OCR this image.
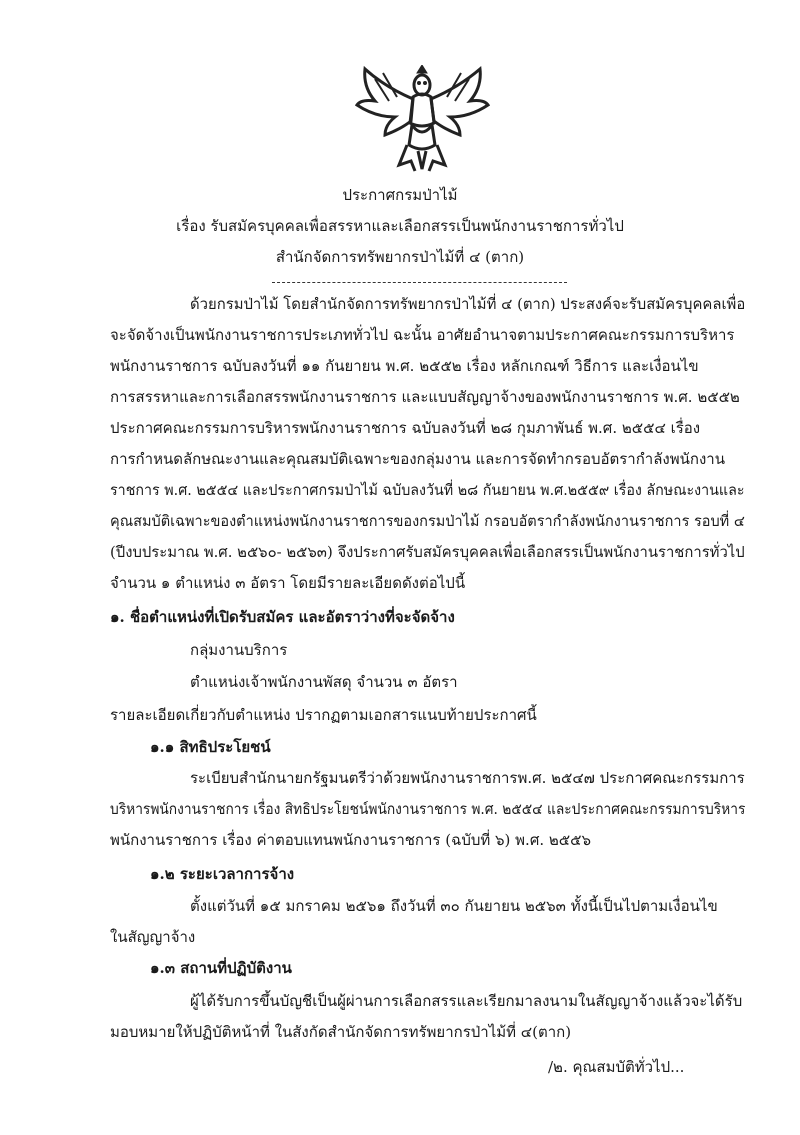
ประกาศกรมป่าไม้
เรื่อง รับสมัครบุคคลเพื่อสรรหาและเลือกสรรเป็นพนักงานราชการทั่วไป
สำนักจัดการทรัพยากรป่าไม้ที่ ๔ (ตาก)
ด้วยกรมป่าไม้ โดยสำนักจัดการทรัพยากรป่าไม้ที่ ๔ (ตาก) ประสงค์จะรับสมัครบุคคลเพื่อ
จะจัดจ้างเป็นพนักงานราชการประเภททั่วไป ฉะนั้น อาศัยอำนาจตามประกาศคณะกรรมการบริหาร
พนักงานราชการ ฉบับลงวันที่ ๑๑ กันยายน พ.ศ. ๒๕๕๒ เรื่อง หลักเกณฑ์ วิธีการ และเงื่อนไข
การสรรหาและการเลือกสรรพนักงานราชการ และแบบสัญญาจ้างของพนักงานราชการ พ.ศ. ๒๕๕๒
ประกาศคณะกรรมการบริหารพนักงานราชการ ฉบับลงวันที่ ๒๘ กุมภาพันธ์ พ.ศ. ๒๕๕๔ เรื่อง
การกำหนดลักษณะงานและคุณสมบัติเฉพาะของกลุ่มงาน และการจัดทำกรอบอัตรากำลังพนักงาน
ราชการ พ.ศ. ๒๕๕๔ และประกาศกรมป่าไม้ ฉบับลงวันที่ ๒๘ กันยายน พ.ศ.๒๕๕๙ เรื่อง ลักษณะงานและ
คุณสมบัติเฉพาะของตำแหน่งพนักงานราชการของกรมป่าไม้ กรอบอัตรากำลังพนักงานราชการ รอบที่ ๔
(ปีงบประมาณ พ.ศ. ๒๕๖๐- ๒๕๖๓) จึงประกาศรับสมัครบุคคลเพื่อเลือกสรรเป็นพนักงานราชการทั่วไป
จำนวน ๑ ตำแหน่ง ๓ อัตรา โดยมีรายละเอียดดังต่อไปนี้
๑. ชื่อตำแหน่งที่เปิดรับสมัคร และอัตราว่างที่จะจัดจ้าง
กลุ่มงานบริการ
ตำแหน่งเจ้าพนักงานพัสดุ จำนวน ๓ อัตรา
รายละเอียดเกี่ยวกับตำแหน่ง ปรากฏตามเอกสารแนบท้ายประกาศนี้
๑.๑ สิทธิประโยชน์
ระเบียบสำนักนายกรัฐมนตรีว่าด้วยพนักงานราชการพ.ศ. ๒๕๔๗ ประกาศคณะกรรมการ
บริหารพนักงานราชการ เรื่อง สิทธิประโยชน์พนักงานราชการ พ.ศ. ๒๕๕๔ และประกาศคณะกรรมการบริหาร
พนักงานราชการ เรื่อง ค่าตอบแทนพนักงานราชการ (ฉบับที่ ๖) พ.ศ. ๒๕๕๖
๑.๒ ระยะเวลาการจ้าง
ตั้งแต่วันที่ ๑๕ มกราคม ๒๕๖๑ ถึงวันที่ ๓๐ กันยายน ๒๕๖๓ ทั้งนี้เป็นไปตามเงื่อนไข
ในสัญญาจ้าง
๑.๓ สถานที่ปฏิบัติงาน
ผู้ได้รับการขึ้นบัญชีเป็นผู้ผ่านการเลือกสรรและเรียกมาลงนามในสัญญาจ้างแล้วจะได้รับ
มอบหมายให้ปฏิบัติหน้าที่ ในสังกัดสำนักจัดการทรัพยากรป่าไม้ที่ ๔(ตาก)
/๒. คุณสมบัติทั่วไป...
